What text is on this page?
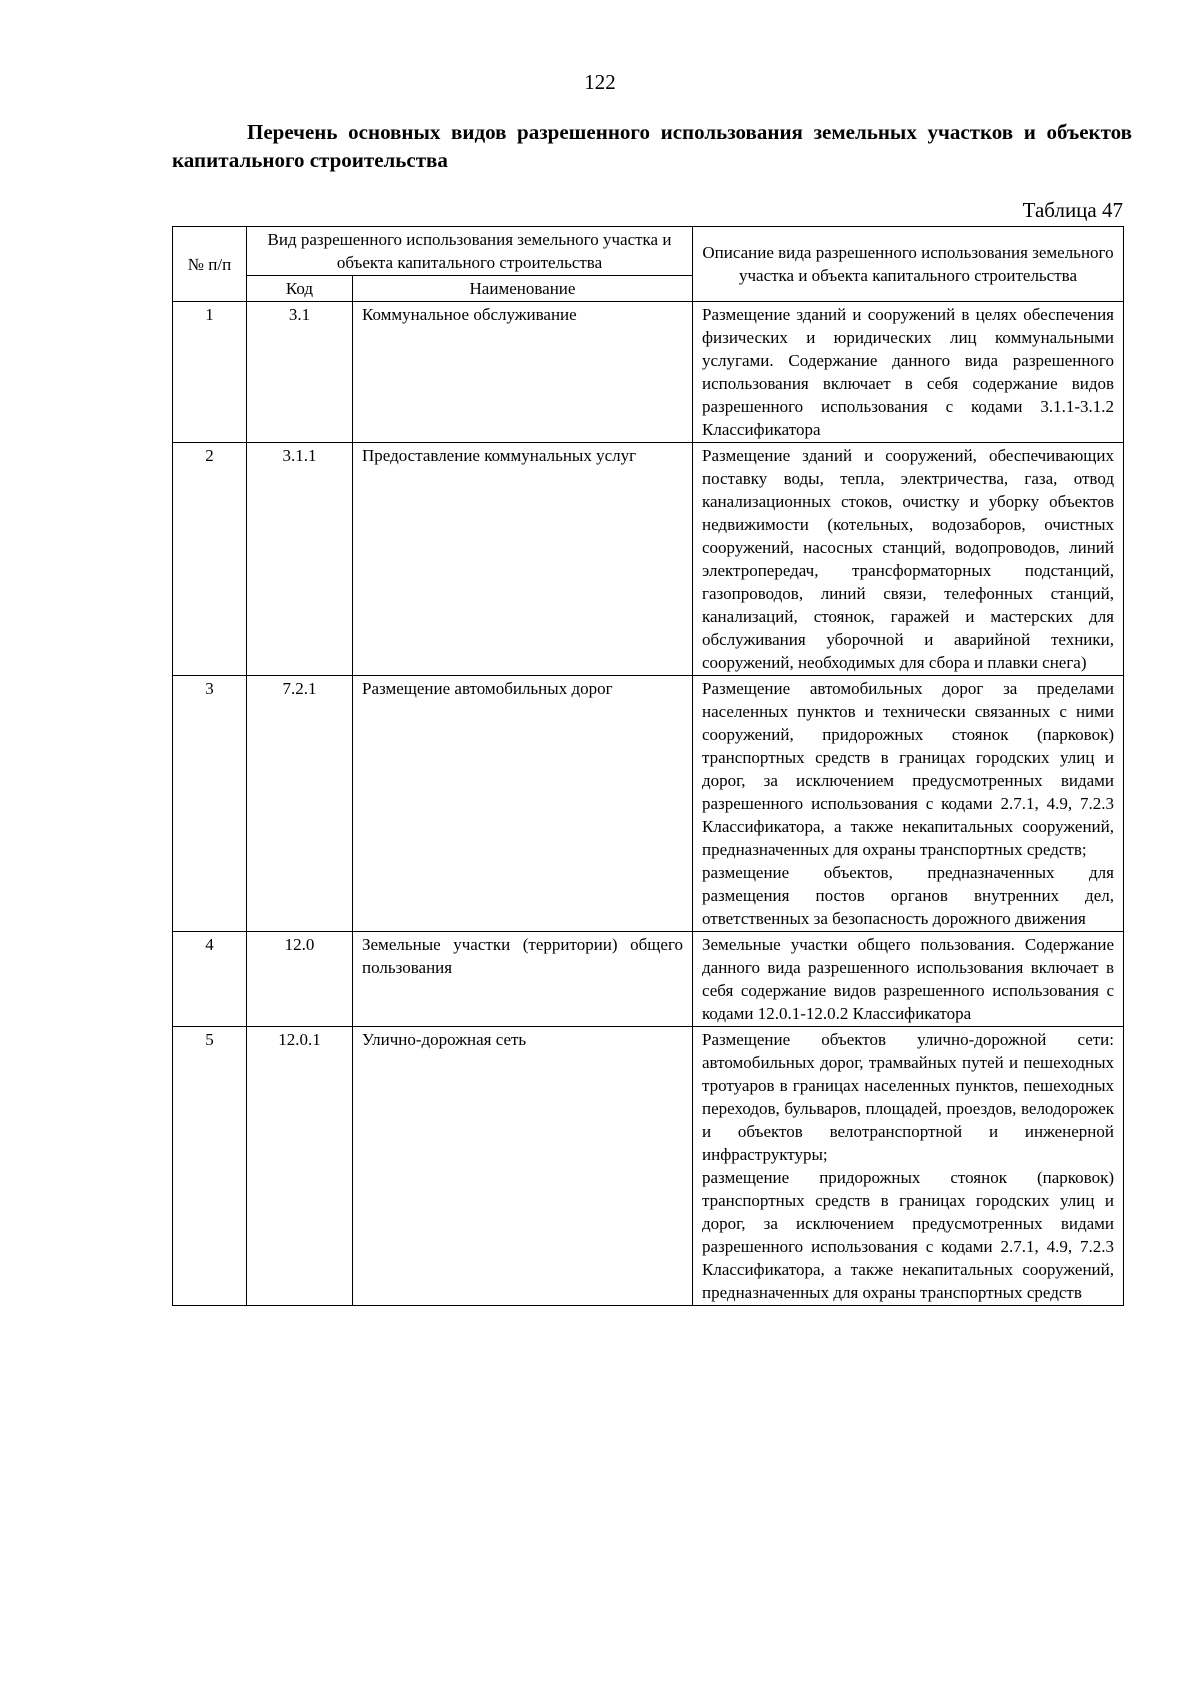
122
Перечень основных видов разрешенного использования земельных участков и объектов капитального строительства
Таблица 47
№ п/п	Вид разрешенного использования земельного участка и объекта капитального строительства		Описание вида разрешенного использования земельного участка и объекта капитального строительства
	Код	Наименование	
1	3.1	Коммунальное обслуживание	Размещение зданий и сооружений в целях обеспечения физических и юридических лиц коммунальными услугами. Содержание данного вида разрешенного использования включает в себя содержание видов разрешенного использования с кодами 3.1.1-3.1.2 Классификатора

2	3.1.1	Предоставление коммунальных услуг	Размещение зданий и сооружений, обеспечивающих поставку воды, тепла, электричества, газа, отвод канализационных стоков, очистку и уборку объектов недвижимости (котельных, водозаборов, очистных сооружений, насосных станций, водопроводов, линий электропередач, трансформаторных подстанций, газопроводов, линий связи, телефонных станций, канализаций, стоянок, гаражей и мастерских для обслуживания уборочной и аварийной техники, сооружений, необходимых для сбора и плавки снега)

3	7.2.1	Размещение автомобильных дорог	Размещение автомобильных дорог за пределами населенных пунктов и технически связанных с ними сооружений, придорожных стоянок (парковок) транспортных средств в границах городских улиц и дорог, за исключением предусмотренных видами разрешенного использования с кодами 2.7.1, 4.9, 7.2.3 Классификатора, а также некапитальных сооружений, предназначенных для охраны транспортных средств;
размещение объектов, предназначенных для размещения постов органов внутренних дел, ответственных за безопасность дорожного движения

4	12.0	Земельные участки (территории) общего пользования	Земельные участки общего пользования. Содержание данного вида разрешенного использования включает в себя содержание видов разрешенного использования с кодами 12.0.1-12.0.2 Классификатора

5	12.0.1	Улично-дорожная сеть	Размещение объектов улично-дорожной сети: автомобильных дорог, трамвайных путей и пешеходных тротуаров в границах населенных пунктов, пешеходных переходов, бульваров, площадей, проездов, велодорожек и объектов велотранспортной и инженерной инфраструктуры;
размещение придорожных стоянок (парковок) транспортных средств в границах городских улиц и дорог, за исключением предусмотренных видами разрешенного использования с кодами 2.7.1, 4.9, 7.2.3 Классификатора, а также некапитальных сооружений, предназначенных для охраны транспортных средств
